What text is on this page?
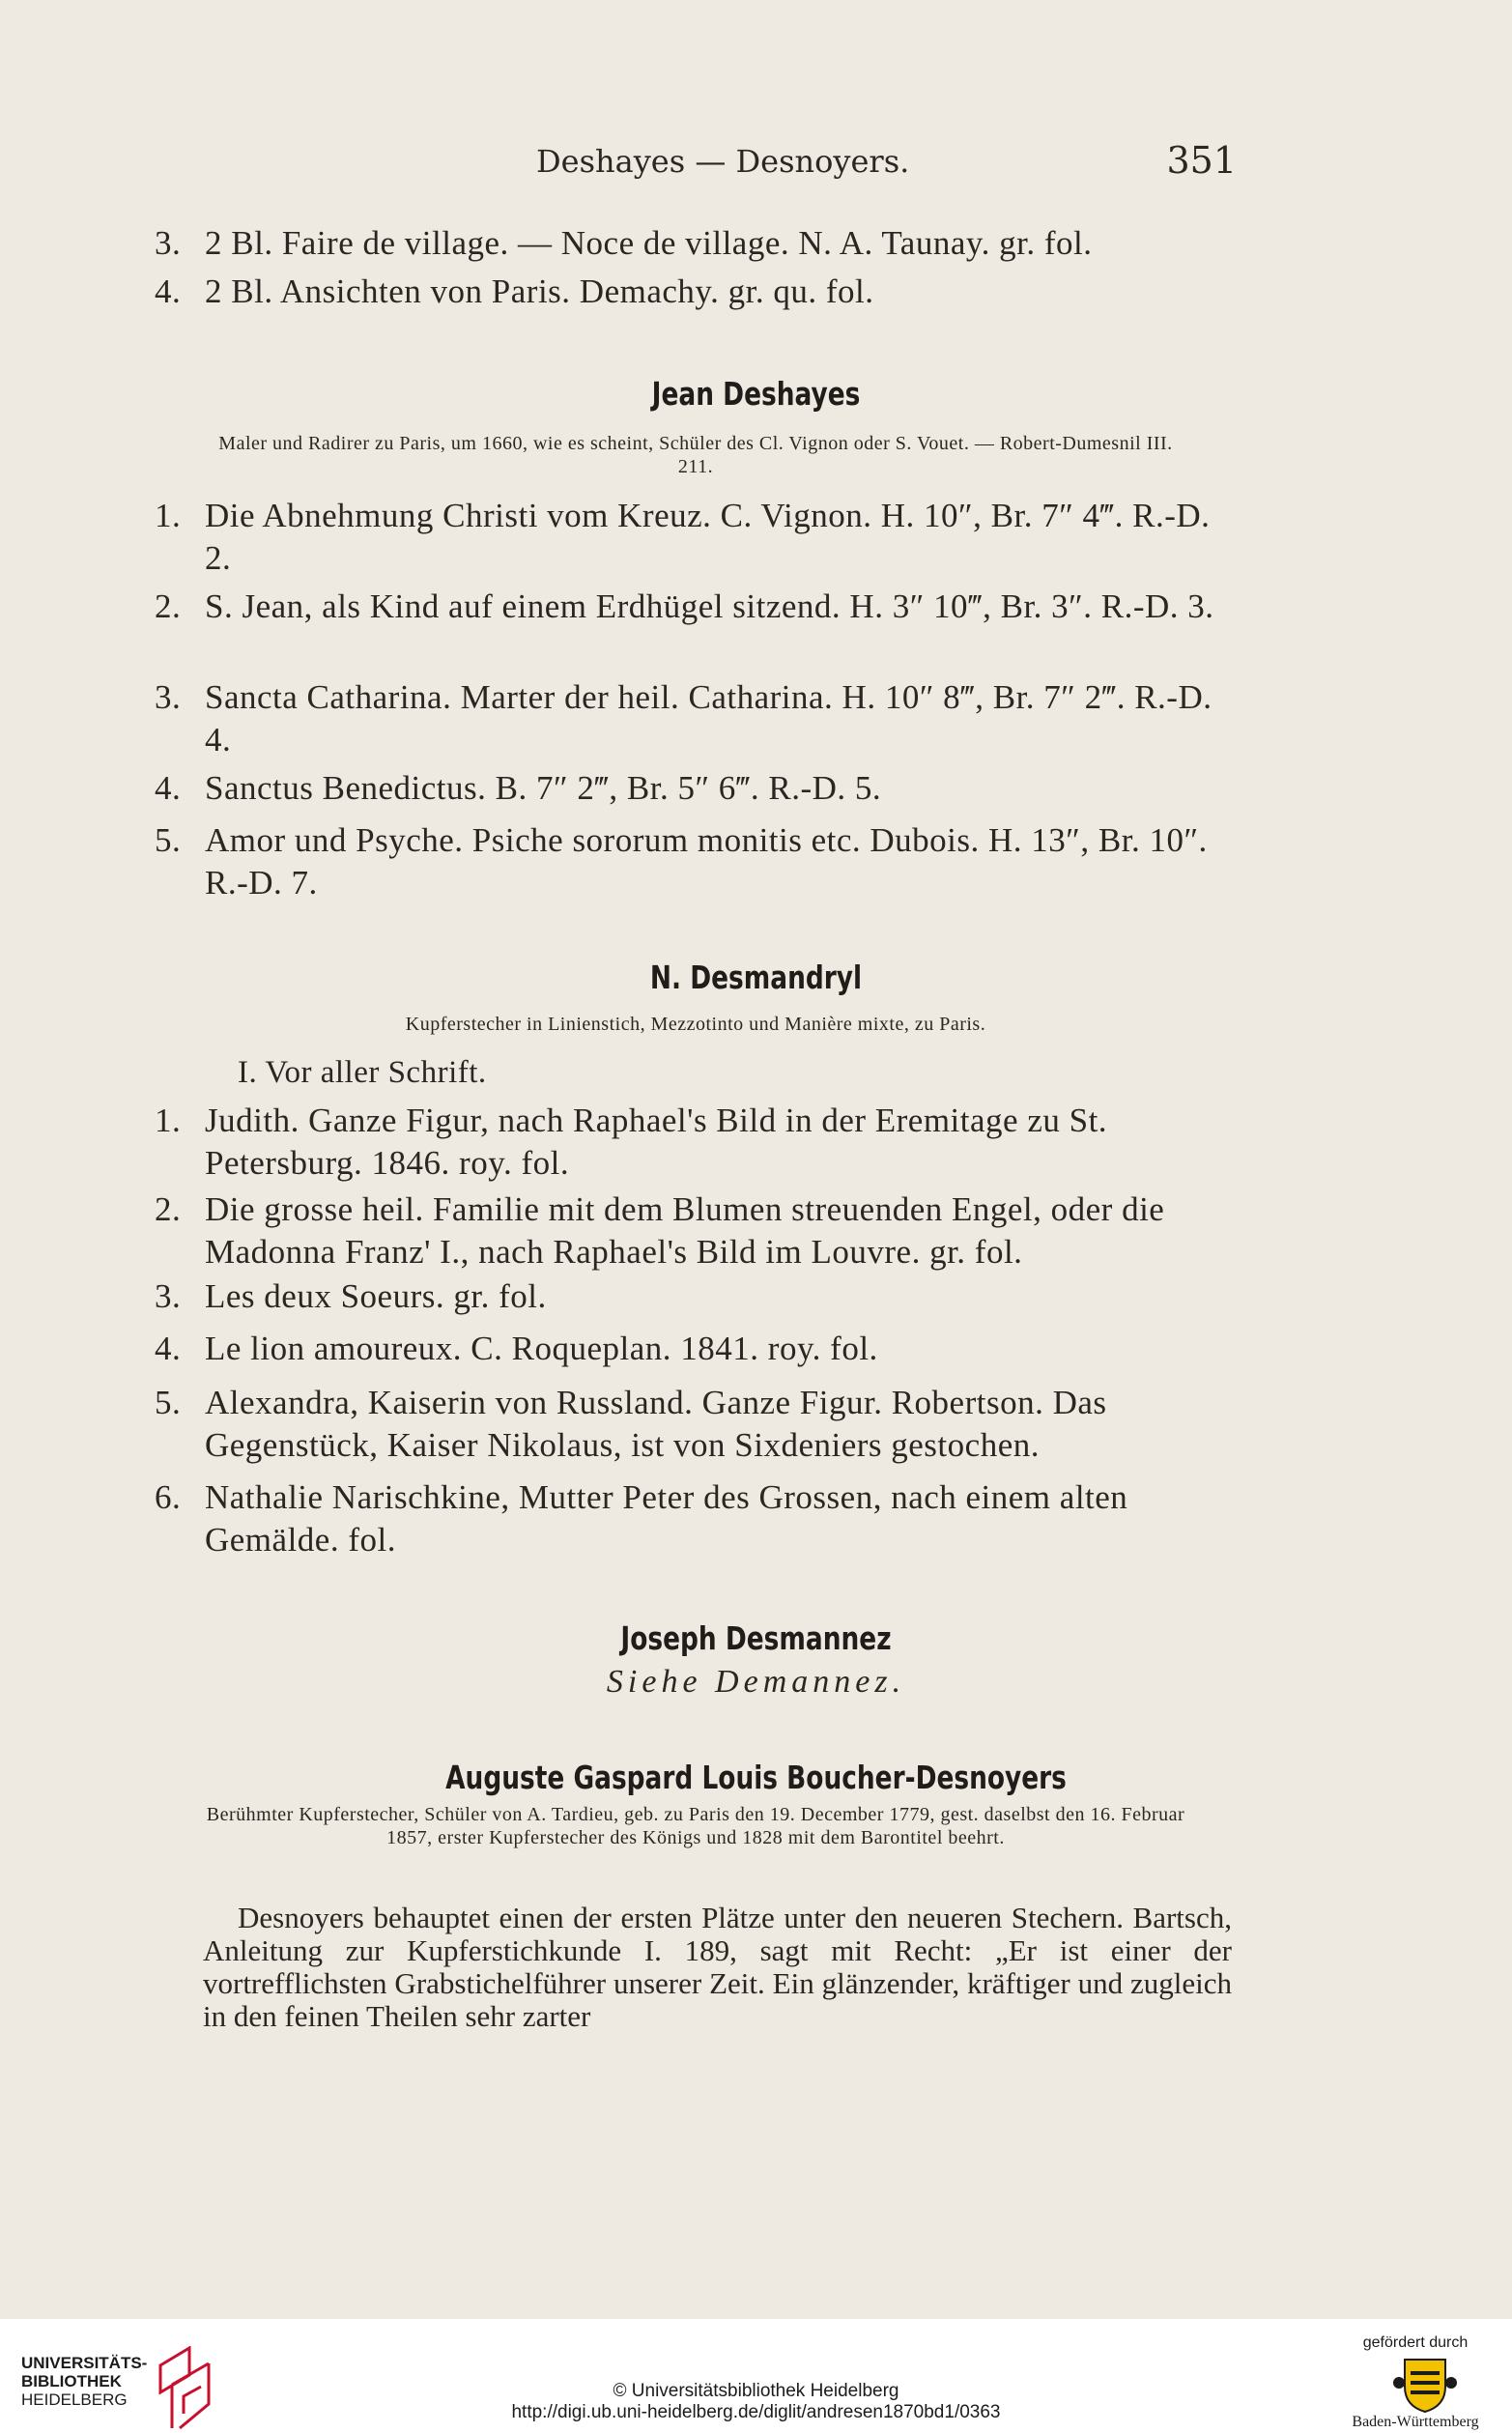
Deshayes — Desnoyers.	351
3. 2 Bl. Faire de village. — Noce de village. N. A. Taunay. gr. fol.
4. 2 Bl. Ansichten von Paris. Demachy. gr. qu. fol.
Jean Deshayes
Maler und Radirer zu Paris, um 1660, wie es scheint, Schüler des Cl. Vignon oder S. Vouet. — Robert-Dumesnil III. 211.
1. Die Abnehmung Christi vom Kreuz. C. Vignon. H. 10″, Br. 7″ 4‴. R.-D. 2.
2. S. Jean, als Kind auf einem Erdhügel sitzend. H. 3″ 10‴, Br. 3″. R.-D. 3.
3. Sancta Catharina. Marter der heil. Catharina. H. 10″ 8‴, Br. 7″ 2‴. R.-D. 4.
4. Sanctus Benedictus. B. 7″ 2‴, Br. 5″ 6‴. R.-D. 5.
5. Amor und Psyche. Psiche sororum monitis etc. Dubois. H. 13″, Br. 10″. R.-D. 7.
N. Desmandryl
Kupferstecher in Linienstich, Mezzotinto und Manière mixte, zu Paris.
I. Vor aller Schrift.
1. Judith. Ganze Figur, nach Raphael's Bild in der Eremitage zu St. Petersburg. 1846. roy. fol.
2. Die grosse heil. Familie mit dem Blumen streuenden Engel, oder die Madonna Franz' I., nach Raphael's Bild im Louvre. gr. fol.
3. Les deux Soeurs. gr. fol.
4. Le lion amoureux. C. Roqueplan. 1841. roy. fol.
5. Alexandra, Kaiserin von Russland. Ganze Figur. Robertson. Das Gegenstück, Kaiser Nikolaus, ist von Sixdeniers gestochen.
6. Nathalie Narischkine, Mutter Peter des Grossen, nach einem alten Gemälde. fol.
Joseph Desmannez
Siehe Demannez.
Auguste Gaspard Louis Boucher-Desnoyers
Berühmter Kupferstecher, Schüler von A. Tardieu, geb. zu Paris den 19. December 1779, gest. daselbst den 16. Februar 1857, erster Kupferstecher des Königs und 1828 mit dem Barontitel beehrt.

Desnoyers behauptet einen der ersten Plätze unter den neueren Stechern. Bartsch, Anleitung zur Kupferstichkunde I. 189, sagt mit Recht: „Er ist einer der vortrefflichsten Grabstichelführer unserer Zeit. Ein glänzender, kräftiger und zugleich in den feinen Theilen sehr zarter

UNIVERSITÄTS-
BIBLIOTHEK
HEIDELBERG	© Universitätsbibliothek Heidelberg
http://digi.ub.uni-heidelberg.de/diglit/andresen1870bd1/0363
gefördert durch
Baden-Württemberg
